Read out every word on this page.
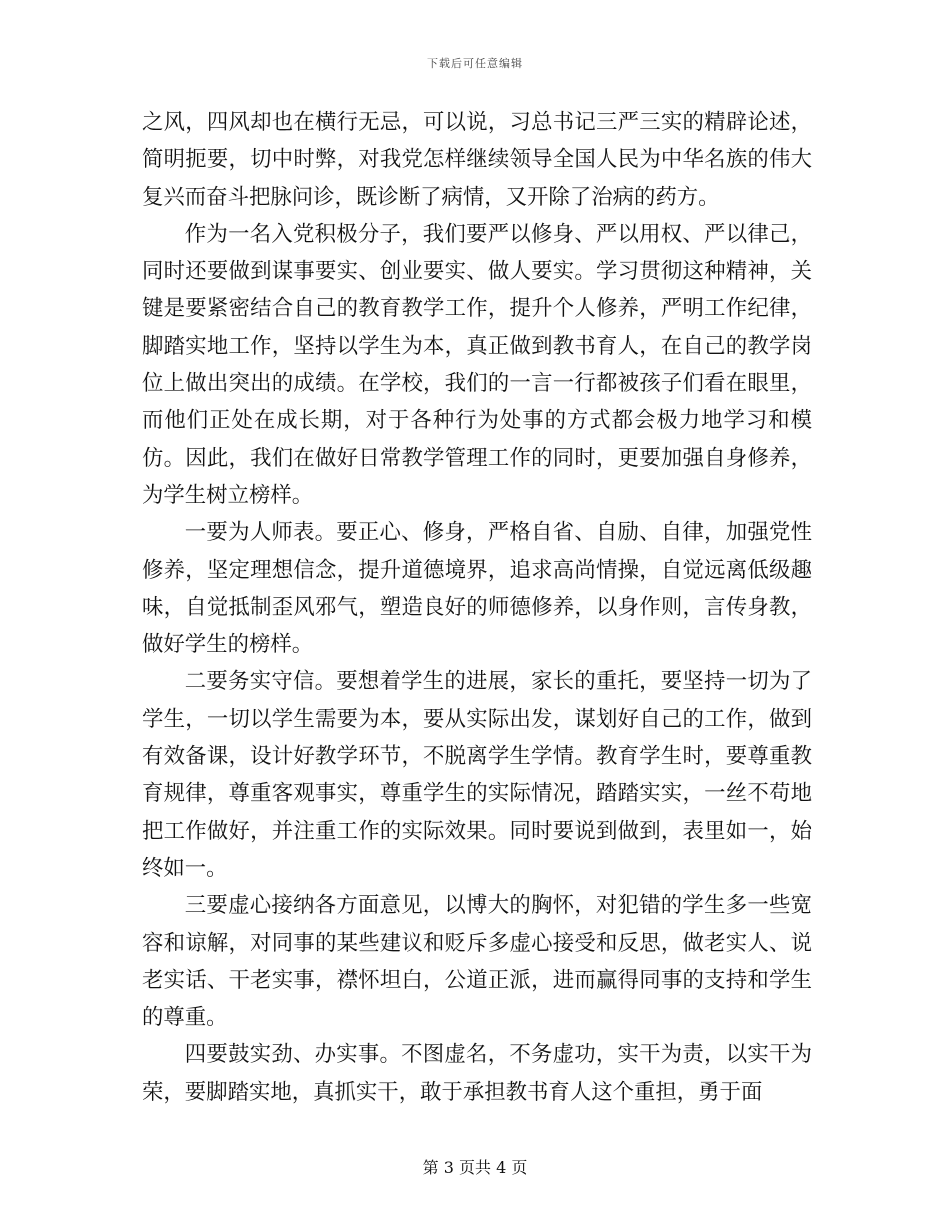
下载后可任意编辑

之风，四风却也在横行无忌，可以说，习总书记三严三实的精辟论述，简明扼要，切中时弊，对我党怎样继续领导全国人民为中华名族的伟大复兴而奋斗把脉问诊，既诊断了病情，又开除了治病的药方。

作为一名入党积极分子，我们要严以修身、严以用权、严以律己，同时还要做到谋事要实、创业要实、做人要实。学习贯彻这种精神，关键是要紧密结合自己的教育教学工作，提升个人修养，严明工作纪律，脚踏实地工作，坚持以学生为本，真正做到教书育人，在自己的教学岗位上做出突出的成绩。在学校，我们的一言一行都被孩子们看在眼里，而他们正处在成长期，对于各种行为处事的方式都会极力地学习和模仿。因此，我们在做好日常教学管理工作的同时，更要加强自身修养，为学生树立榜样。

一要为人师表。要正心、修身，严格自省、自励、自律，加强党性修养，坚定理想信念，提升道德境界，追求高尚情操，自觉远离低级趣味，自觉抵制歪风邪气，塑造良好的师德修养，以身作则，言传身教，做好学生的榜样。

二要务实守信。要想着学生的进展，家长的重托，要坚持一切为了学生，一切以学生需要为本，要从实际出发，谋划好自己的工作，做到有效备课，设计好教学环节，不脱离学生学情。教育学生时，要尊重教育规律，尊重客观事实，尊重学生的实际情况，踏踏实实，一丝不苟地把工作做好，并注重工作的实际效果。同时要说到做到，表里如一，始终如一。

三要虚心接纳各方面意见，以博大的胸怀，对犯错的学生多一些宽容和谅解，对同事的某些建议和贬斥多虚心接受和反思，做老实人、说老实话、干老实事，襟怀坦白，公道正派，进而赢得同事的支持和学生的尊重。

四要鼓实劲、办实事。不图虚名，不务虚功，实干为责，以实干为荣，要脚踏实地，真抓实干，敢于承担教书育人这个重担，勇于面

第 3 页共 4 页
